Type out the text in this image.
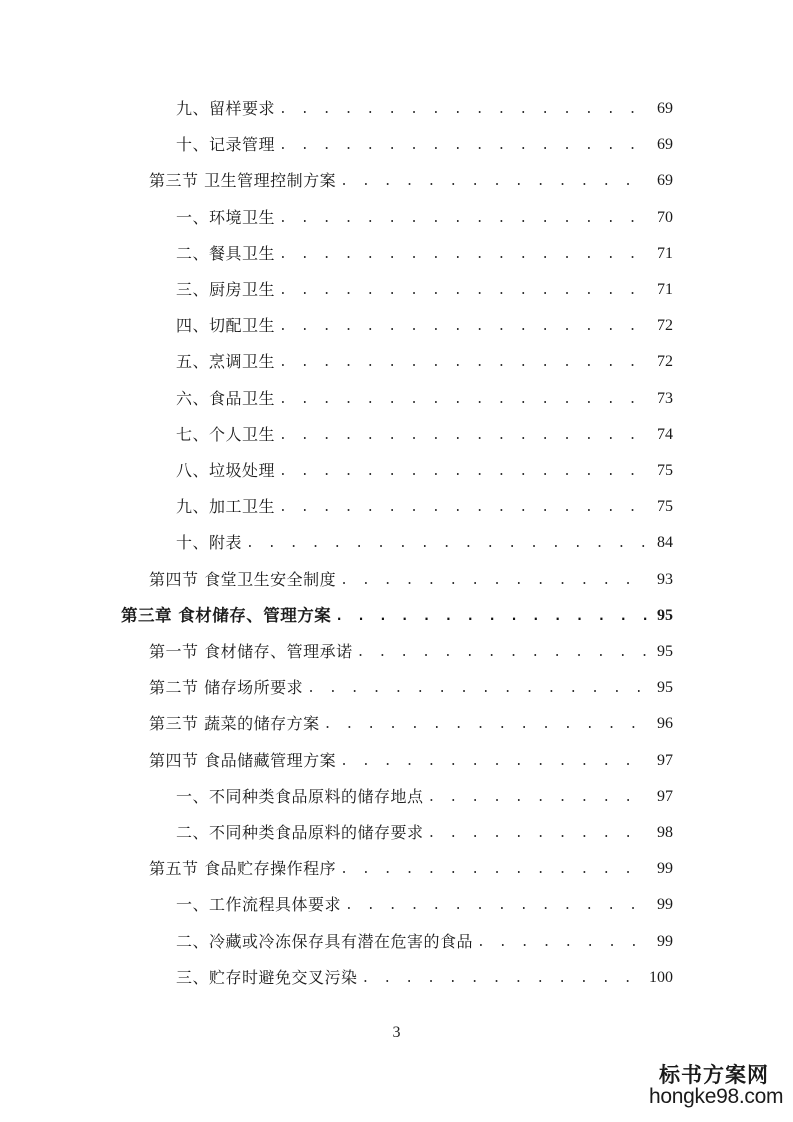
九、留样要求 . . .	69
十、记录管理 . . .	69
第三节 卫生管理控制方案 . . .	69
一、环境卫生 . . .	70
二、餐具卫生 . . .	71
三、厨房卫生 . . .	71
四、切配卫生 . . .	72
五、烹调卫生 . . .	72
六、食品卫生 . . .	73
七、个人卫生 . . .	74
八、垃圾处理 . . .	75
九、加工卫生 . . .	75
十、附表 . . .	84
第四节 食堂卫生安全制度 . . .	93
第三章 食材储存、管理方案 . . .	95
第一节 食材储存、管理承诺 . . .	95
第二节 储存场所要求 . . .	95
第三节 蔬菜的储存方案 . . .	96
第四节 食品储藏管理方案 . . .	97
一、不同种类食品原料的储存地点 . . .	97
二、不同种类食品原料的储存要求 . . .	98
第五节 食品贮存操作程序 . . .	99
一、工作流程具体要求 . . .	99
二、冷藏或冷冻保存具有潜在危害的食品 . . .	99
三、贮存时避免交叉污染 . . .	100
3
标书方案网
hongke98.com
